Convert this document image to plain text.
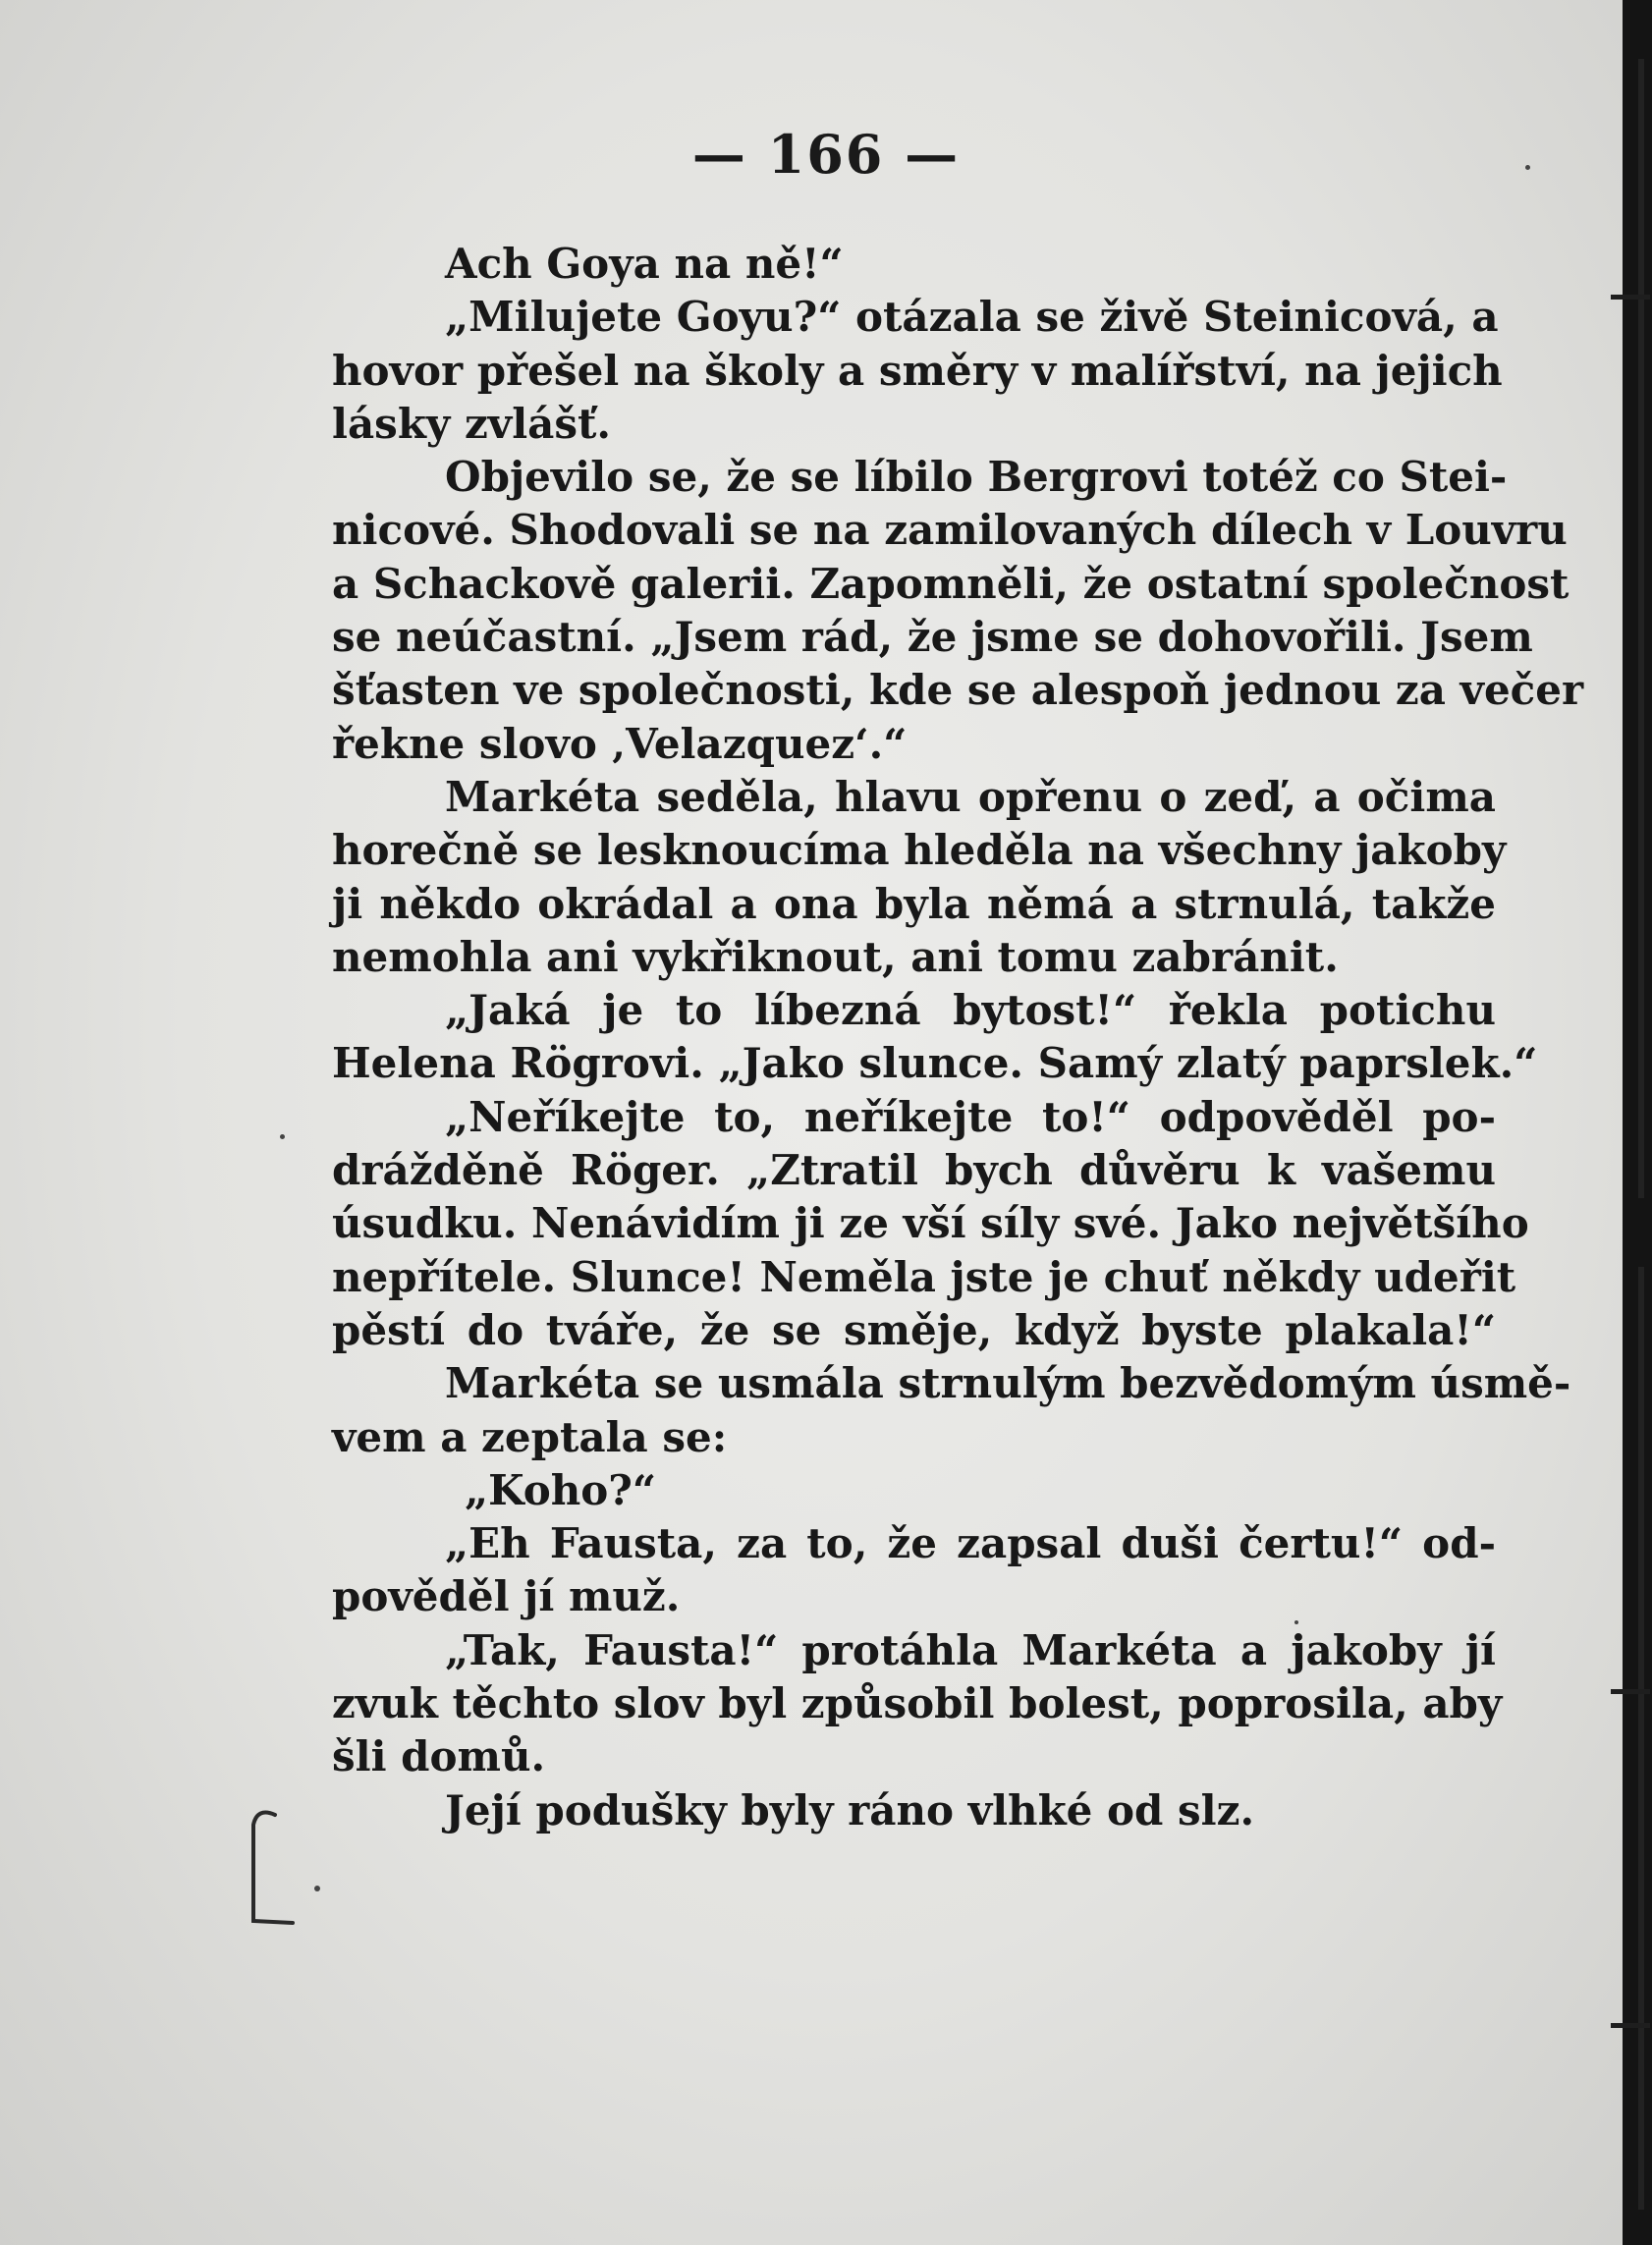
— 166 —
Ach Goya na ně!“
„Milujete Goyu?“ otázala se živě Steinicová, a
hovor přešel na školy a směry v malířství, na jejich
lásky zvlášť.
Objevilo se, že se líbilo Bergrovi totéž co Stei-
nicové. Shodovali se na zamilovaných dílech v Louvru
a Schackově galerii. Zapomněli, že ostatní společnost
se neúčastní. „Jsem rád, že jsme se dohovořili. Jsem
šťasten ve společnosti, kde se alespoň jednou za večer
řekne slovo ‚Velazquez‘.“
Markéta seděla, hlavu opřenu o zeď, a očima
horečně se lesknoucíma hleděla na všechny jakoby
ji někdo okrádal a ona byla němá a strnulá, takže
nemohla ani vykřiknout, ani tomu zabránit.
„Jaká je to líbezná bytost!“ řekla potichu
Helena Rögrovi. „Jako slunce. Samý zlatý paprslek.“
„Neříkejte to, neříkejte to!“ odpověděl po-
drážděně Röger. „Ztratil bych důvěru k vašemu
úsudku. Nenávidím ji ze vší síly své. Jako největšího
nepřítele. Slunce! Neměla jste je chuť někdy udeřit
pěstí do tváře, že se směje, když byste plakala!“
Markéta se usmála strnulým bezvědomým úsmě-
vem a zeptala se:
„Koho?“
„Eh Fausta, za to, že zapsal duši čertu!“ od-
pověděl jí muž.
„Tak, Fausta!“ protáhla Markéta a jakoby jí
zvuk těchto slov byl způsobil bolest, poprosila, aby
šli domů.
Její podušky byly ráno vlhké od slz.
